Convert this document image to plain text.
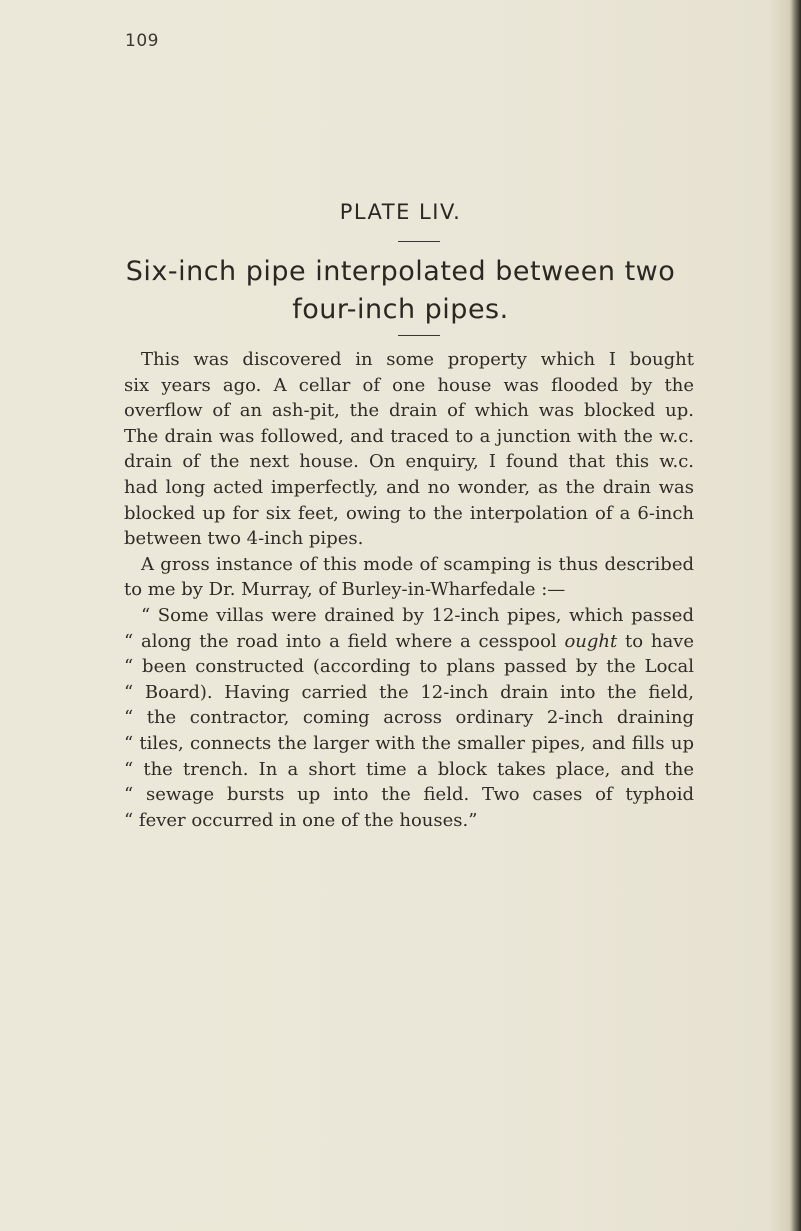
109
PLATE LIV.
Six-inch pipe interpolated between two
four-inch pipes.
This was discovered in some property which I bought
six years ago. A cellar of one house was flooded by the
overflow of an ash-pit, the drain of which was blocked up.
The drain was followed, and traced to a junction with the w.c.
drain of the next house. On enquiry, I found that this w.c.
had long acted imperfectly, and no wonder, as the drain was
blocked up for six feet, owing to the interpolation of a 6-inch
between two 4-inch pipes.
A gross instance of this mode of scamping is thus described
to me by Dr. Murray, of Burley-in-Wharfedale :—
“ Some villas were drained by 12-inch pipes, which passed
“ along the road into a field where a cesspool ought to have
“ been constructed (according to plans passed by the Local
“ Board). Having carried the 12-inch drain into the field,
“ the contractor, coming across ordinary 2-inch draining
“ tiles, connects the larger with the smaller pipes, and fills up
“ the trench. In a short time a block takes place, and the
“ sewage bursts up into the field. Two cases of typhoid
“ fever occurred in one of the houses.”
